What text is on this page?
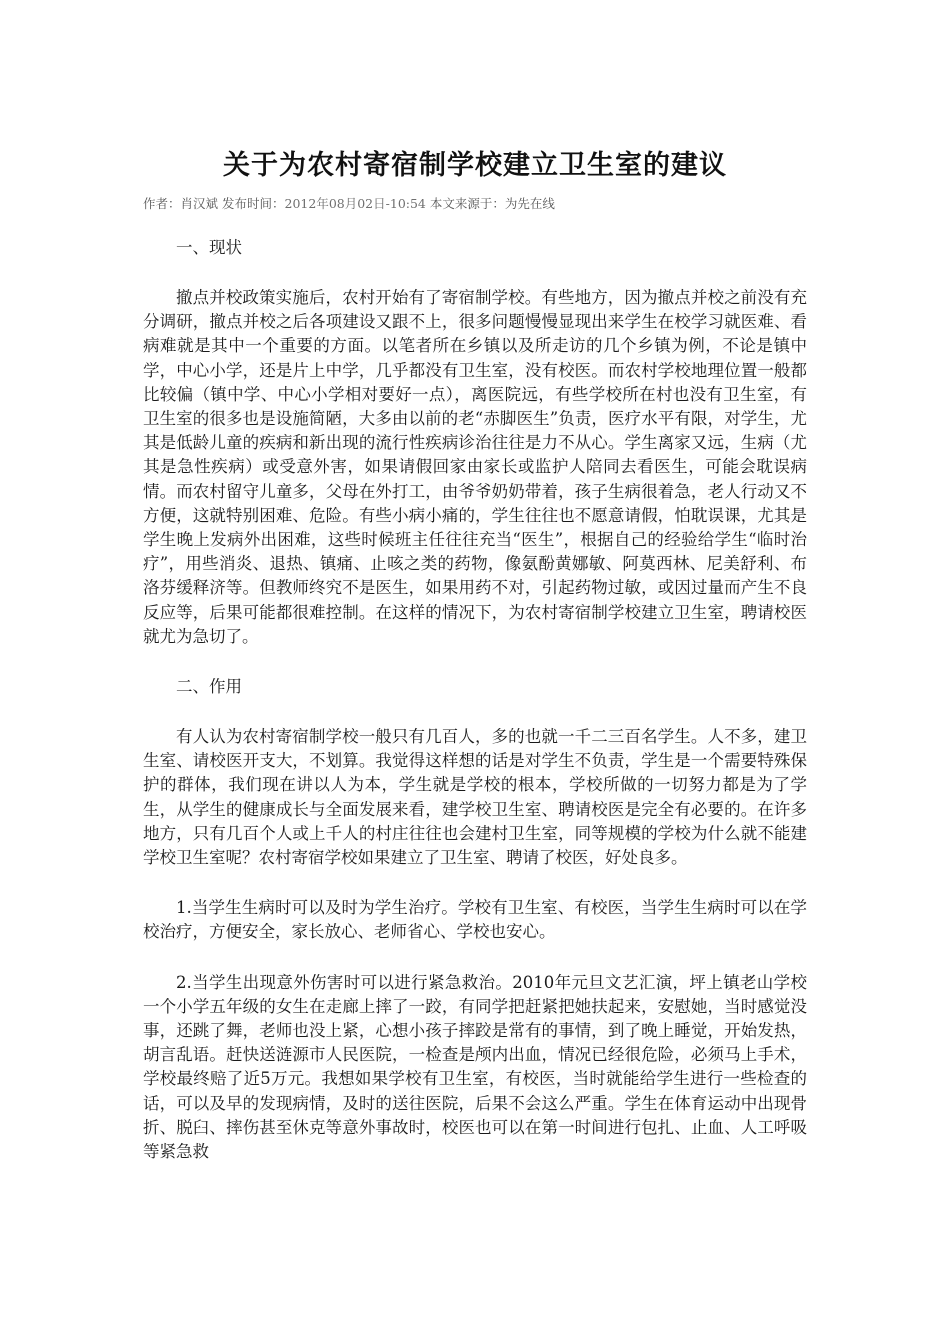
关于为农村寄宿制学校建立卫生室的建议
作者：肖汉斌 发布时间：2012年08月02日-10:54 本文来源于：为先在线

一、现状

撤点并校政策实施后，农村开始有了寄宿制学校。有些地方，因为撤点并校之前没有充分调研，撤点并校之后各项建设又跟不上，很多问题慢慢显现出来学生在校学习就医难、看病难就是其中一个重要的方面。以笔者所在乡镇以及所走访的几个乡镇为例，不论是镇中学，中心小学，还是片上中学，几乎都没有卫生室，没有校医。而农村学校地理位置一般都比较偏（镇中学、中心小学相对要好一点），离医院远，有些学校所在村也没有卫生室，有卫生室的很多也是设施简陋，大多由以前的老“赤脚医生”负责，医疗水平有限，对学生，尤其是低龄儿童的疾病和新出现的流行性疾病诊治往往是力不从心。学生离家又远，生病（尤其是急性疾病）或受意外害，如果请假回家由家长或监护人陪同去看医生，可能会耽误病情。而农村留守儿童多，父母在外打工，由爷爷奶奶带着，孩子生病很着急，老人行动又不方便，这就特别困难、危险。有些小病小痛的，学生往往也不愿意请假，怕耽误课，尤其是学生晚上发病外出困难，这些时候班主任往往充当“医生”，根据自己的经验给学生“临时治疗”，用些消炎、退热、镇痛、止咳之类的药物，像氨酚黄娜敏、阿莫西林、尼美舒利、布洛芬缓释济等。但教师终究不是医生，如果用药不对，引起药物过敏，或因过量而产生不良反应等，后果可能都很难控制。在这样的情况下，为农村寄宿制学校建立卫生室，聘请校医就尤为急切了。

二、作用

有人认为农村寄宿制学校一般只有几百人，多的也就一千二三百名学生。人不多，建卫生室、请校医开支大，不划算。我觉得这样想的话是对学生不负责，学生是一个需要特殊保护的群体，我们现在讲以人为本，学生就是学校的根本，学校所做的一切努力都是为了学生，从学生的健康成长与全面发展来看，建学校卫生室、聘请校医是完全有必要的。在许多地方，只有几百个人或上千人的村庄往往也会建村卫生室，同等规模的学校为什么就不能建学校卫生室呢？农村寄宿学校如果建立了卫生室、聘请了校医，好处良多。

1.当学生生病时可以及时为学生治疗。学校有卫生室、有校医，当学生生病时可以在学校治疗，方便安全，家长放心、老师省心、学校也安心。

2.当学生出现意外伤害时可以进行紧急救治。2010年元旦文艺汇演，坪上镇老山学校一个小学五年级的女生在走廊上摔了一跤，有同学把赶紧把她扶起来，安慰她，当时感觉没事，还跳了舞，老师也没上紧，心想小孩子摔跤是常有的事情，到了晚上睡觉，开始发热，胡言乱语。赶快送涟源市人民医院，一检查是颅内出血，情况已经很危险，必须马上手术，学校最终赔了近5万元。我想如果学校有卫生室，有校医，当时就能给学生进行一些检查的话，可以及早的发现病情，及时的送往医院，后果不会这么严重。学生在体育运动中出现骨折、脱臼、摔伤甚至休克等意外事故时，校医也可以在第一时间进行包扎、止血、人工呼吸等紧急救
